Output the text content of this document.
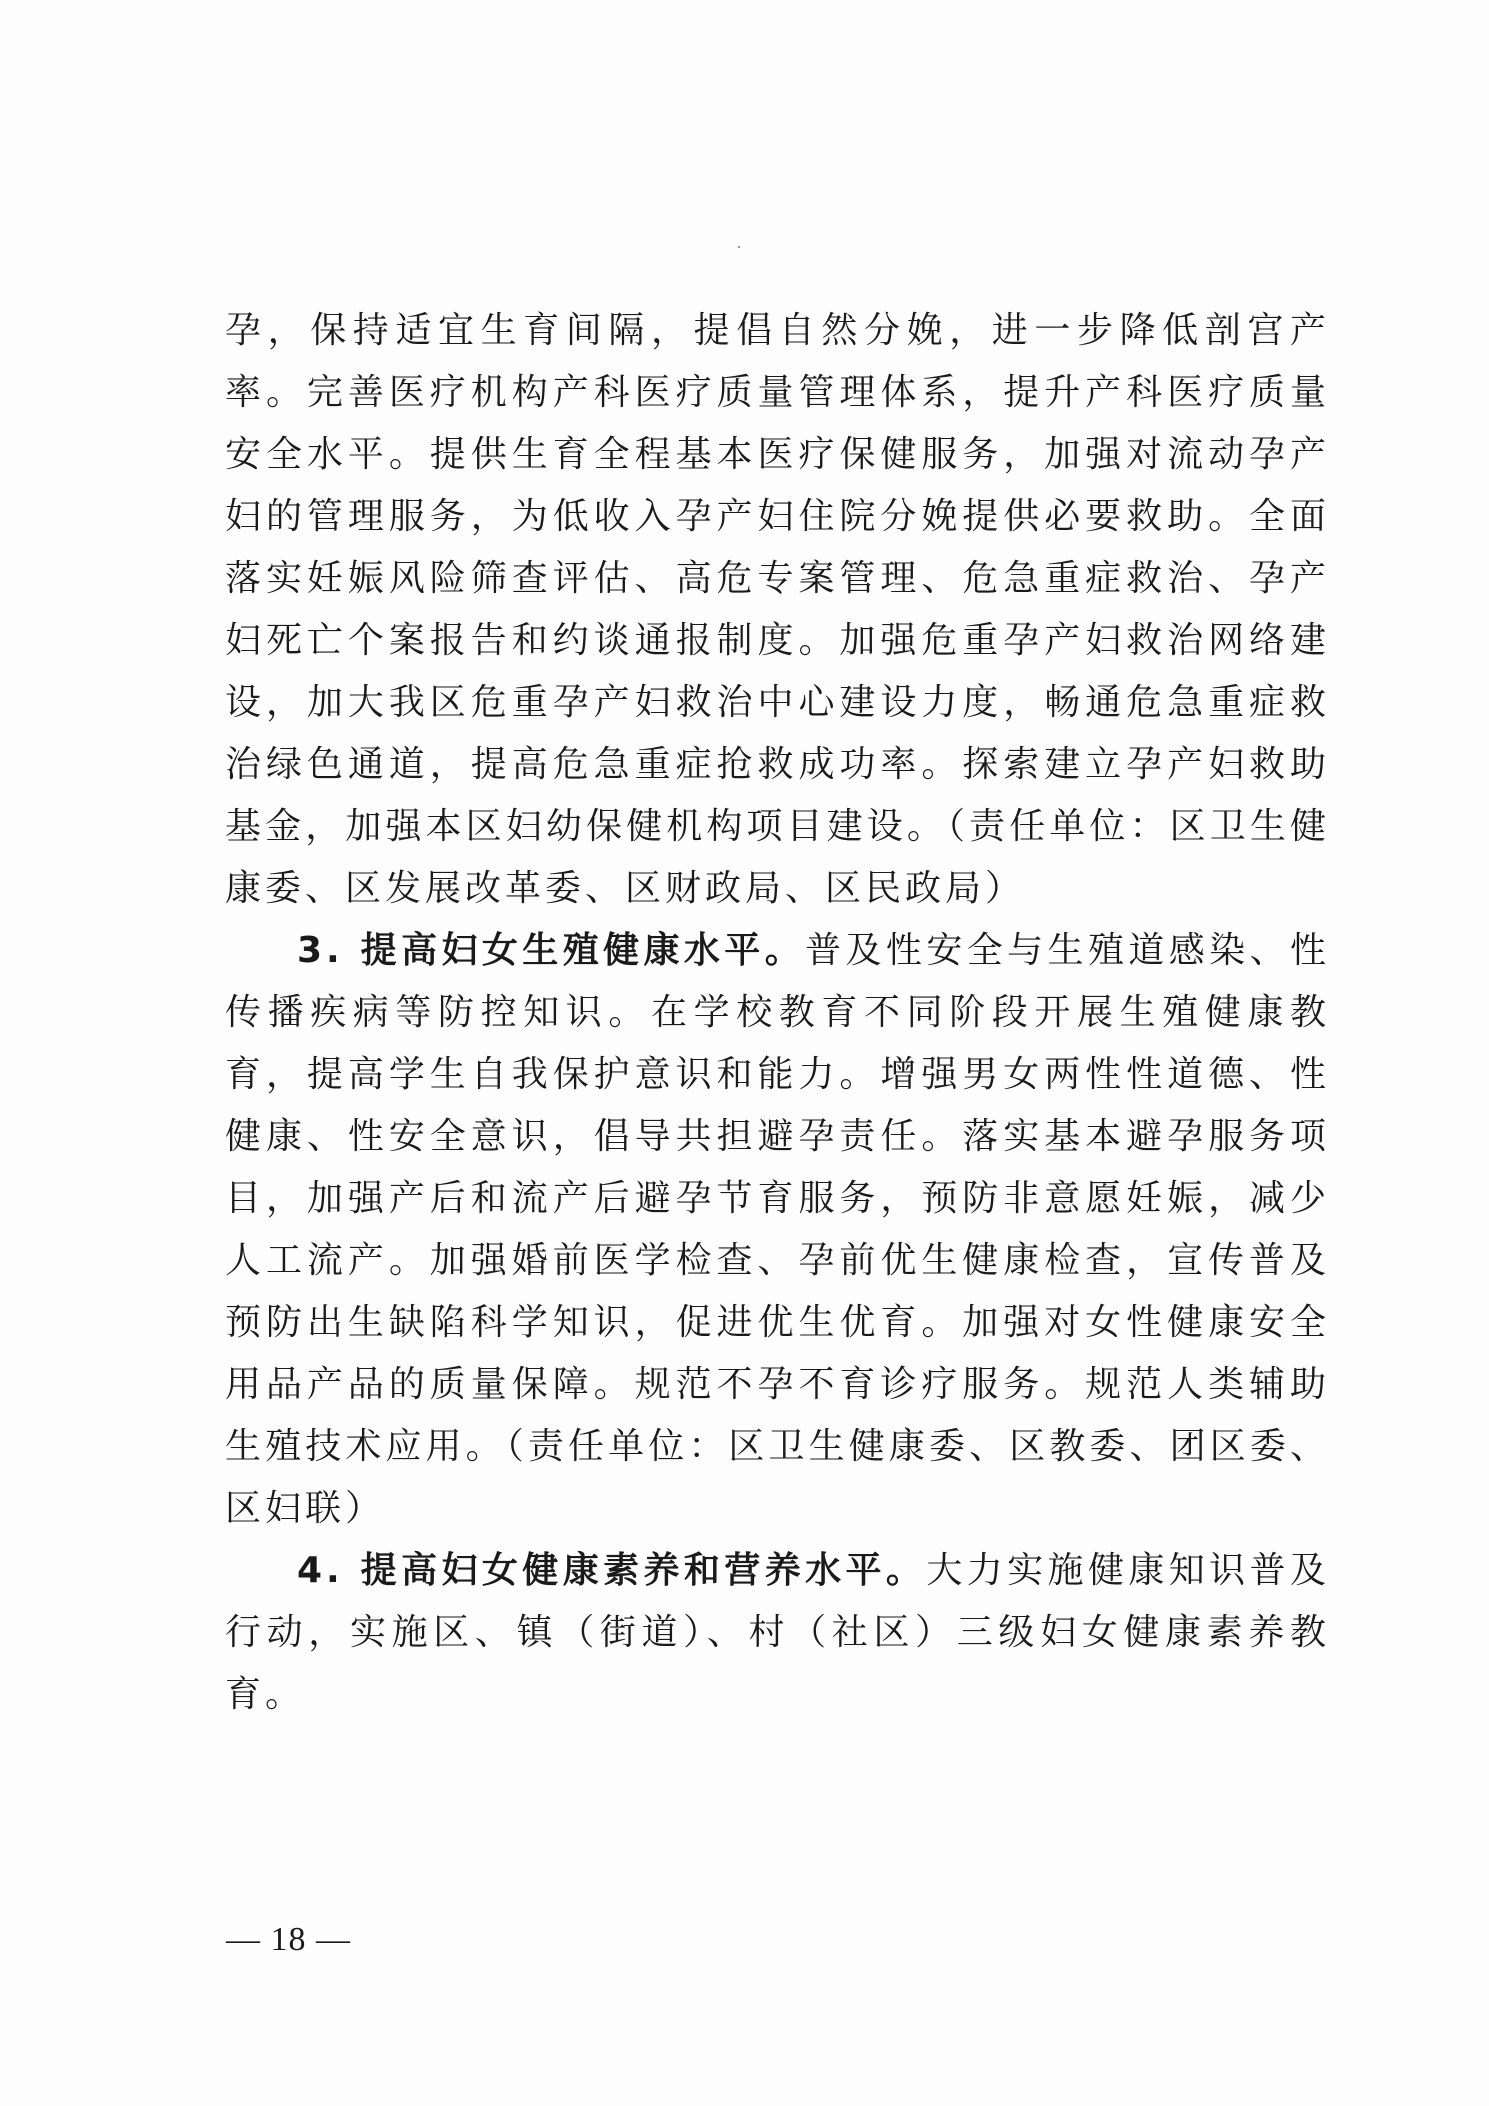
孕，保持适宜生育间隔，提倡自然分娩，进一步降低剖宫产率。完善医疗机构产科医疗质量管理体系，提升产科医疗质量安全水平。提供生育全程基本医疗保健服务，加强对流动孕产妇的管理服务，为低收入孕产妇住院分娩提供必要救助。全面落实妊娠风险筛查评估、高危专案管理、危急重症救治、孕产妇死亡个案报告和约谈通报制度。加强危重孕产妇救治网络建设，加大我区危重孕产妇救治中心建设力度，畅通危急重症救治绿色通道，提高危急重症抢救成功率。探索建立孕产妇救助基金，加强本区妇幼保健机构项目建设。（责任单位：区卫生健康委、区发展改革委、区财政局、区民政局）

3. 提高妇女生殖健康水平。普及性安全与生殖道感染、性传播疾病等防控知识。在学校教育不同阶段开展生殖健康教育，提高学生自我保护意识和能力。增强男女两性性道德、性健康、性安全意识，倡导共担避孕责任。落实基本避孕服务项目，加强产后和流产后避孕节育服务，预防非意愿妊娠，减少人工流产。加强婚前医学检查、孕前优生健康检查，宣传普及预防出生缺陷科学知识，促进优生优育。加强对女性健康安全用品产品的质量保障。规范不孕不育诊疗服务。规范人类辅助生殖技术应用。（责任单位：区卫生健康委、区教委、团区委、区妇联）

4. 提高妇女健康素养和营养水平。大力实施健康知识普及行动，实施区、镇（街道）、村（社区）三级妇女健康素养教育。

— 18 —
